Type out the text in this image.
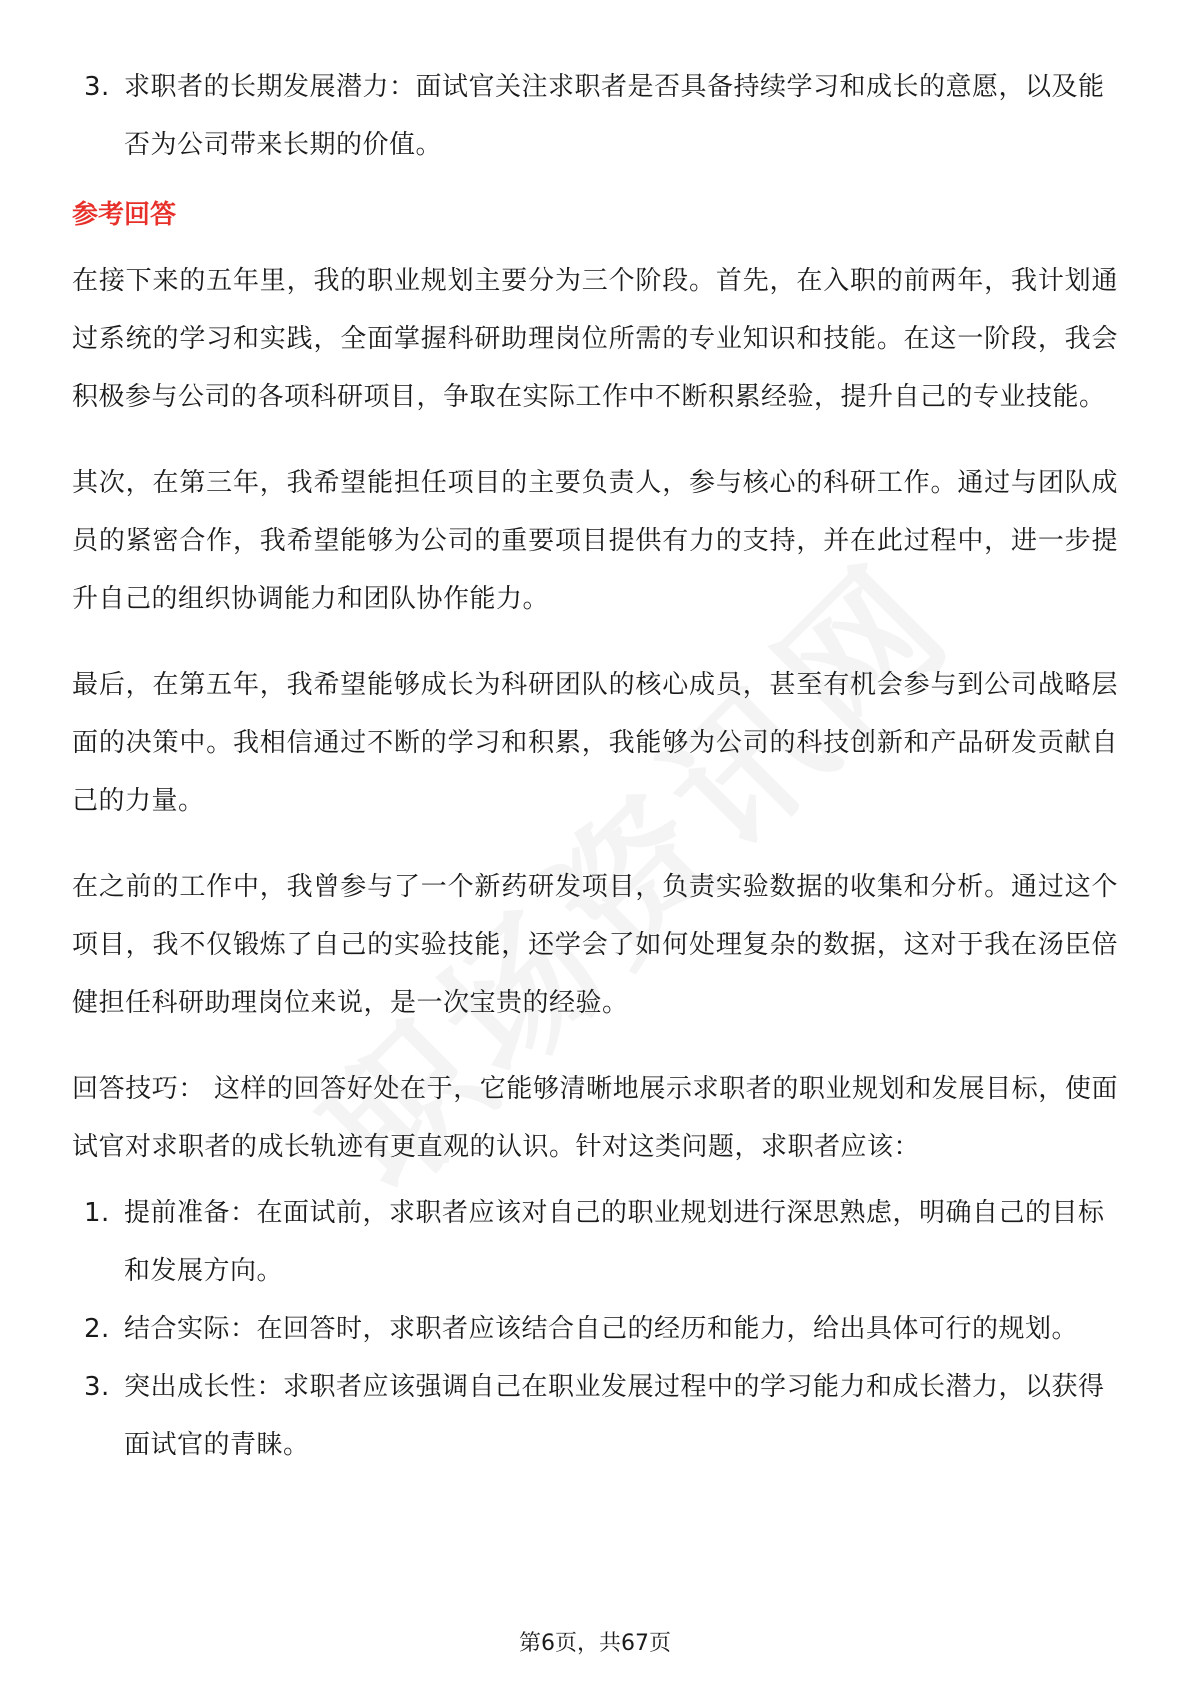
3. 求职者的长期发展潜力：面试官关注求职者是否具备持续学习和成长的意愿，以及能否为公司带来长期的价值。
参考回答

在接下来的五年里，我的职业规划主要分为三个阶段。首先，在入职的前两年，我计划通过系统的学习和实践，全面掌握科研助理岗位所需的专业知识和技能。在这一阶段，我会积极参与公司的各项科研项目，争取在实际工作中不断积累经验，提升自己的专业技能。

其次，在第三年，我希望能担任项目的主要负责人，参与核心的科研工作。通过与团队成员的紧密合作，我希望能够为公司的重要项目提供有力的支持，并在此过程中，进一步提升自己的组织协调能力和团队协作能力。

最后，在第五年，我希望能够成长为科研团队的核心成员，甚至有机会参与到公司战略层面的决策中。我相信通过不断的学习和积累，我能够为公司的科技创新和产品研发贡献自己的力量。

在之前的工作中，我曾参与了一个新药研发项目，负责实验数据的收集和分析。通过这个项目，我不仅锻炼了自己的实验技能，还学会了如何处理复杂的数据，这对于我在汤臣倍健担任科研助理岗位来说，是一次宝贵的经验。

回答技巧： 这样的回答好处在于，它能够清晰地展示求职者的职业规划和发展目标，使面试官对求职者的成长轨迹有更直观的认识。针对这类问题，求职者应该：

1. 提前准备：在面试前，求职者应该对自己的职业规划进行深思熟虑，明确自己的目标和发展方向。
2. 结合实际：在回答时，求职者应该结合自己的经历和能力，给出具体可行的规划。
3. 突出成长性：求职者应该强调自己在职业发展过程中的学习能力和成长潜力，以获得面试官的青睐。
第6页，共67页
